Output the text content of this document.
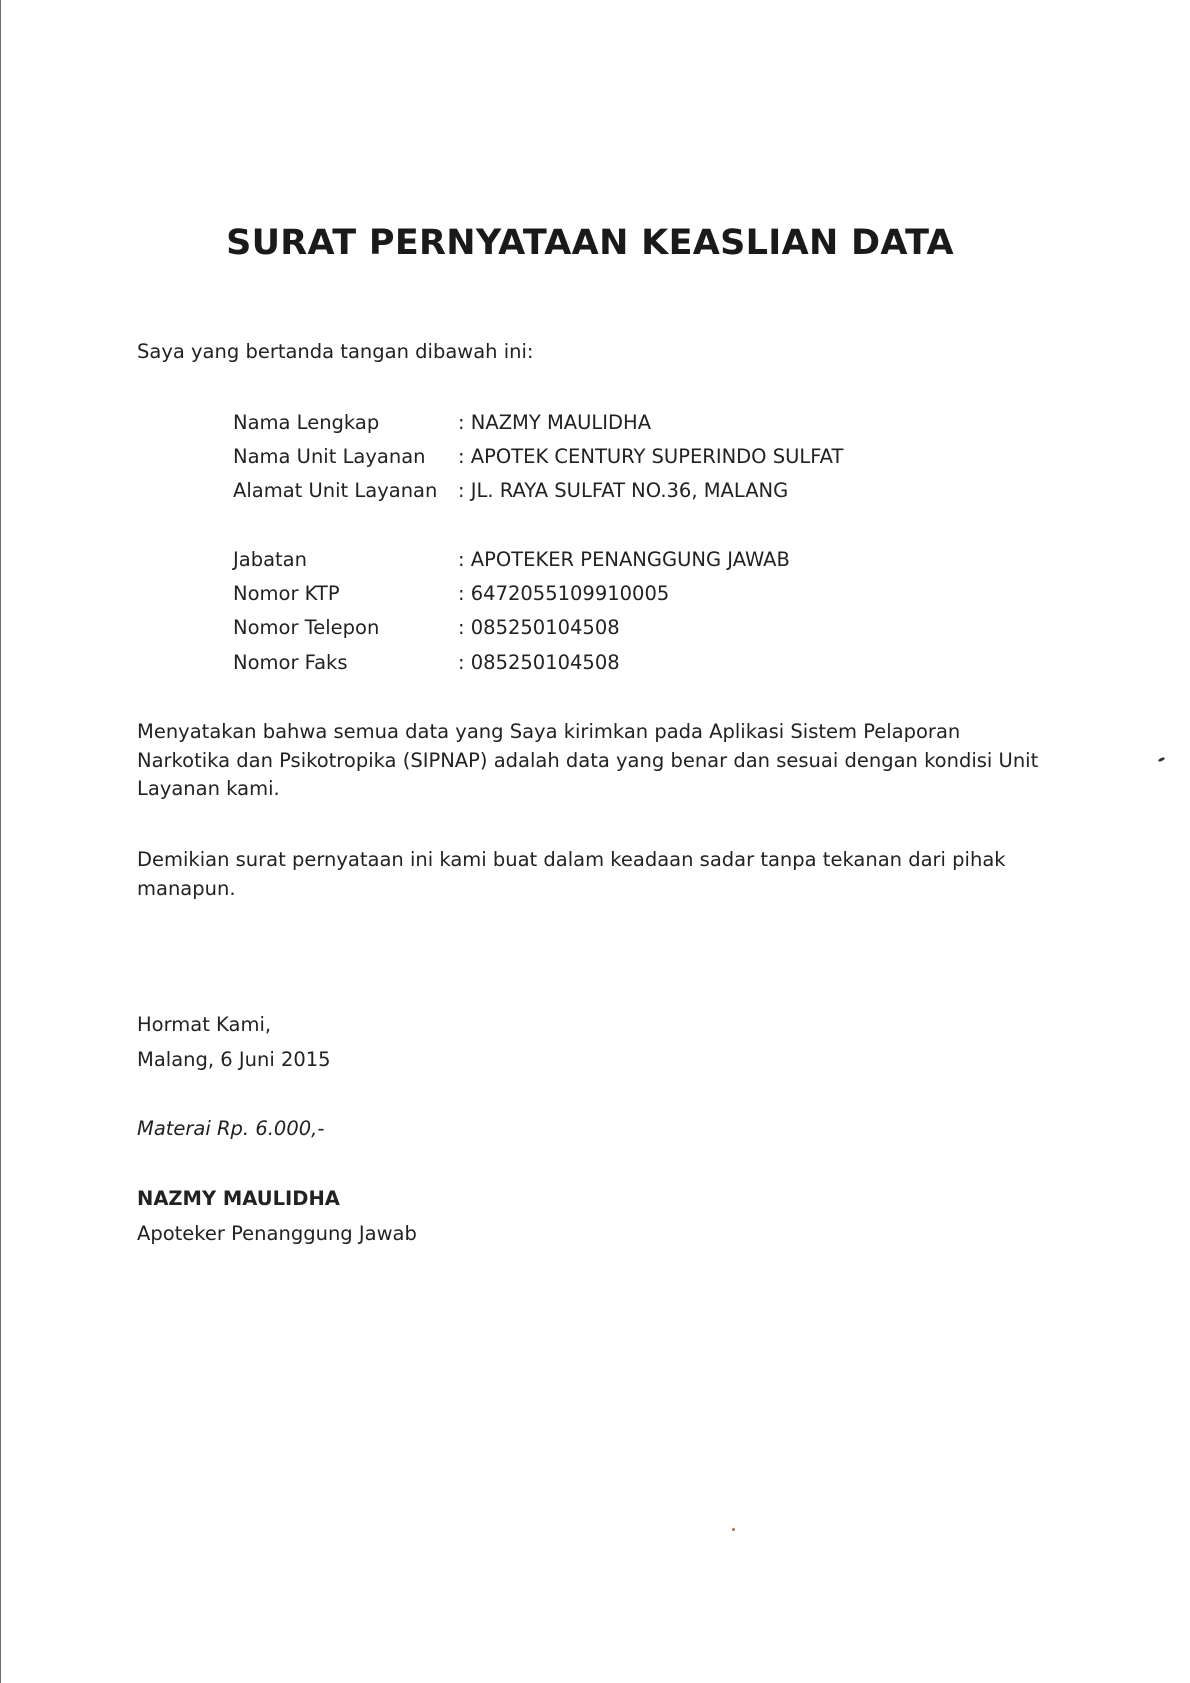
SURAT PERNYATAAN KEASLIAN DATA
Saya yang bertanda tangan dibawah ini:
Nama Lengkap	: NAZMY MAULIDHA
Nama Unit Layanan : APOTEK CENTURY SUPERINDO SULFAT
Alamat Unit Layanan : JL. RAYA SULFAT NO.36, MALANG
Jabatan	: APOTEKER PENANGGUNG JAWAB
Nomor KTP	: 6472055109910005
Nomor Telepon	: 085250104508
Nomor Faks	: 085250104508
Menyatakan bahwa semua data yang Saya kirimkan pada Aplikasi Sistem Pelaporan Narkotika dan Psikotropika (SIPNAP) adalah data yang benar dan sesuai dengan kondisi Unit Layanan kami.
Demikian surat pernyataan ini kami buat dalam keadaan sadar tanpa tekanan dari pihak manapun.
Hormat Kami,
Malang, 6 Juni 2015
Materai Rp. 6.000,-
NAZMY MAULIDHA
Apoteker Penanggung Jawab
